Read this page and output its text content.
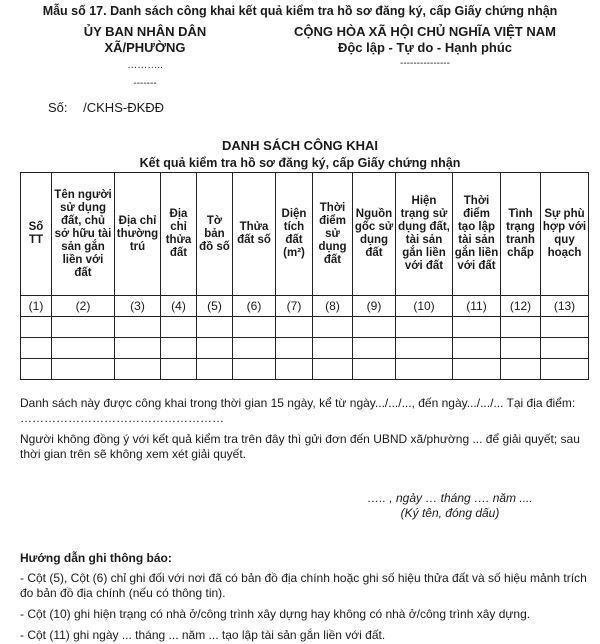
Mẫu số 17. Danh sách công khai kết quả kiểm tra hồ sơ đăng ký, cấp Giấy chứng nhận
ỦY BAN NHÂN DÂN
XÃ/PHƯỜNG
………..
-------
CỘNG HÒA XÃ HỘI CHỦ NGHĨA VIỆT NAM
Độc lập - Tự do - Hạnh phúc
---------------
Số: /CKHS-ĐKĐĐ
DANH SÁCH CÔNG KHAI
Kết quả kiểm tra hồ sơ đăng ký, cấp Giấy chứng nhận
Số TT	Tên người sử dụng đất, chủ sở hữu tài sản gắn liền với đất	Địa chỉ thường trú	Địa chỉ thửa đất	Tờ bản đồ số	Thửa đất số	Diện tích đất (m²)	Thời điểm sử dụng đất	Nguồn gốc sử dụng đất	Hiện trạng sử dụng đất, tài sản gắn liền với đất	Thời điểm tạo lập tài sản gắn liền với đất	Tình trạng tranh chấp	Sự phù hợp với quy hoạch
(1)	(2)	(3)	(4)	(5)	(6)	(7)	(8)	(9)	(10)	(11)	(12)	(13)

Danh sách này được công khai trong thời gian 15 ngày, kể từ ngày.../.../..., đến ngày.../.../... Tại địa điểm: ……………………………………………
Người không đồng ý với kết quả kiểm tra trên đây thì gửi đơn đến UBND xã/phường ... để giải quyết; sau thời gian trên sẽ không xem xét giải quyết.
….. , ngày … tháng …. năm ....
(Ký tên, đóng dấu)
Hướng dẫn ghi thông báo:
- Cột (5), Cột (6) chỉ ghi đối với nơi đã có bản đồ địa chính hoặc ghi số hiệu thửa đất và số hiệu mảnh trích đo bản đồ địa chính (nếu có thông tin).
- Cột (10) ghi hiện trạng có nhà ở/công trình xây dựng hay không có nhà ở/công trình xây dựng.
- Cột (11) ghi ngày ... tháng ... năm ... tạo lập tài sản gắn liền với đất.
